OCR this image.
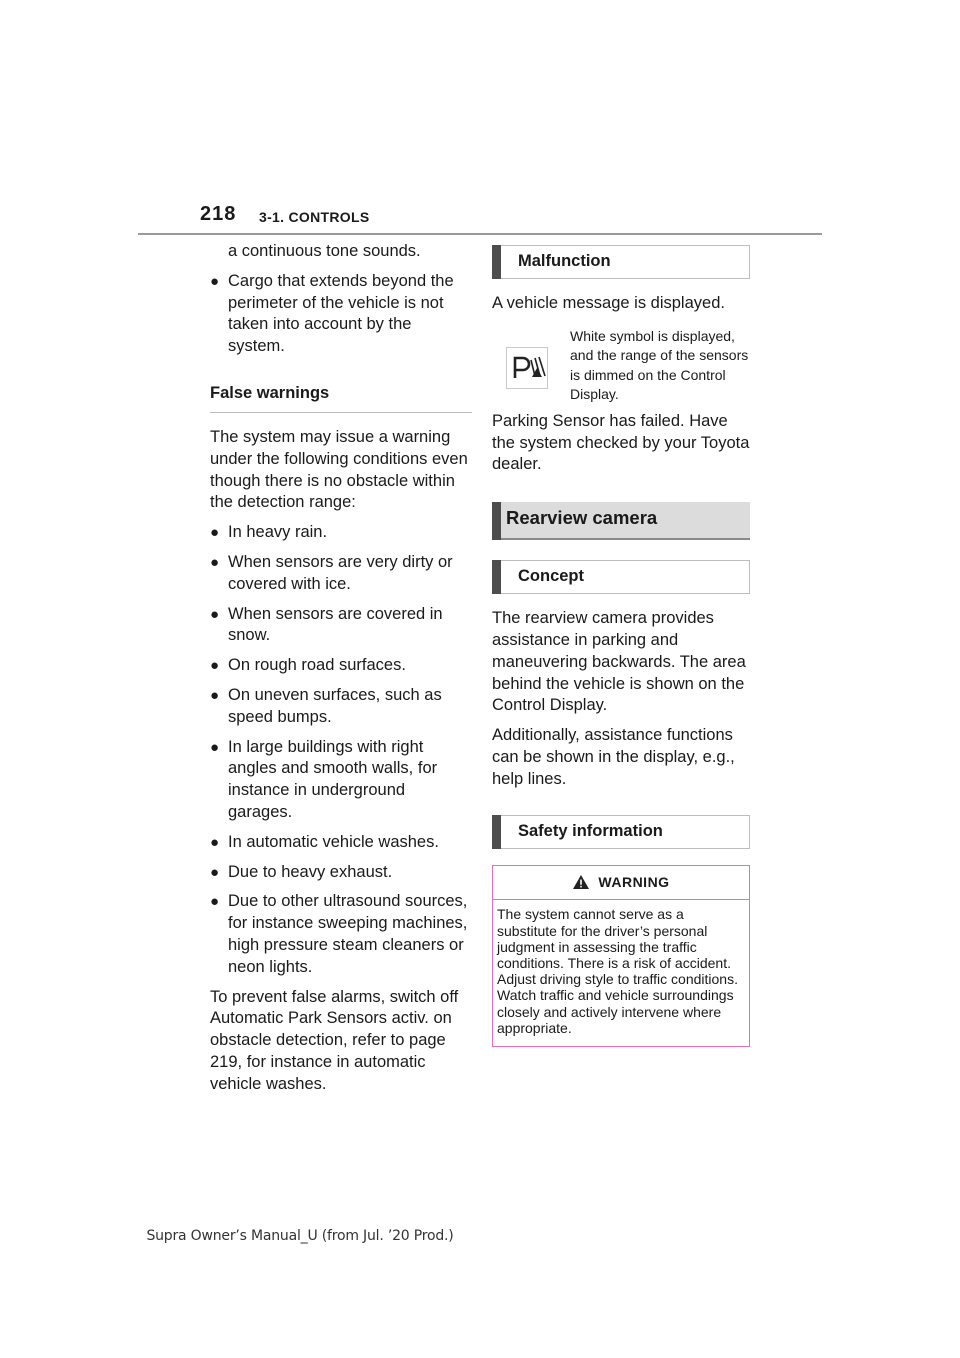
218 3-1. CONTROLS

a continuous tone sounds.

● Cargo that extends beyond the perimeter of the vehicle is not taken into account by the system.
False warnings

The system may issue a warning under the following conditions even though there is no obstacle within the detection range:

● In heavy rain.
● When sensors are very dirty or covered with ice.
● When sensors are covered in snow.
● On rough road surfaces.
● On uneven surfaces, such as speed bumps.
● In large buildings with right angles and smooth walls, for instance in underground garages.
● In automatic vehicle washes.
● Due to heavy exhaust.
● Due to other ultrasound sources, for instance sweeping machines, high pressure steam cleaners or neon lights.

To prevent false alarms, switch off Automatic Park Sensors activ. on obstacle detection, refer to page 219, for instance in automatic vehicle washes.

Malfunction

A vehicle message is displayed.

White symbol is displayed, and the range of the sensors is dimmed on the Control Display.

Parking Sensor has failed. Have the system checked by your Toyota dealer.

Rearview camera
Concept

The rearview camera provides assistance in parking and maneuvering backwards. The area behind the vehicle is shown on the Control Display.

Additionally, assistance functions can be shown in the display, e.g., help lines.

Safety information
WARNING
The system cannot serve as a substitute for the driver’s personal judgment in assessing the traffic conditions. There is a risk of accident. Adjust driving style to traffic conditions. Watch traffic and vehicle surroundings closely and actively intervene where appropriate.
Supra Owner’s Manual_U (from Jul. ’20 Prod.)
